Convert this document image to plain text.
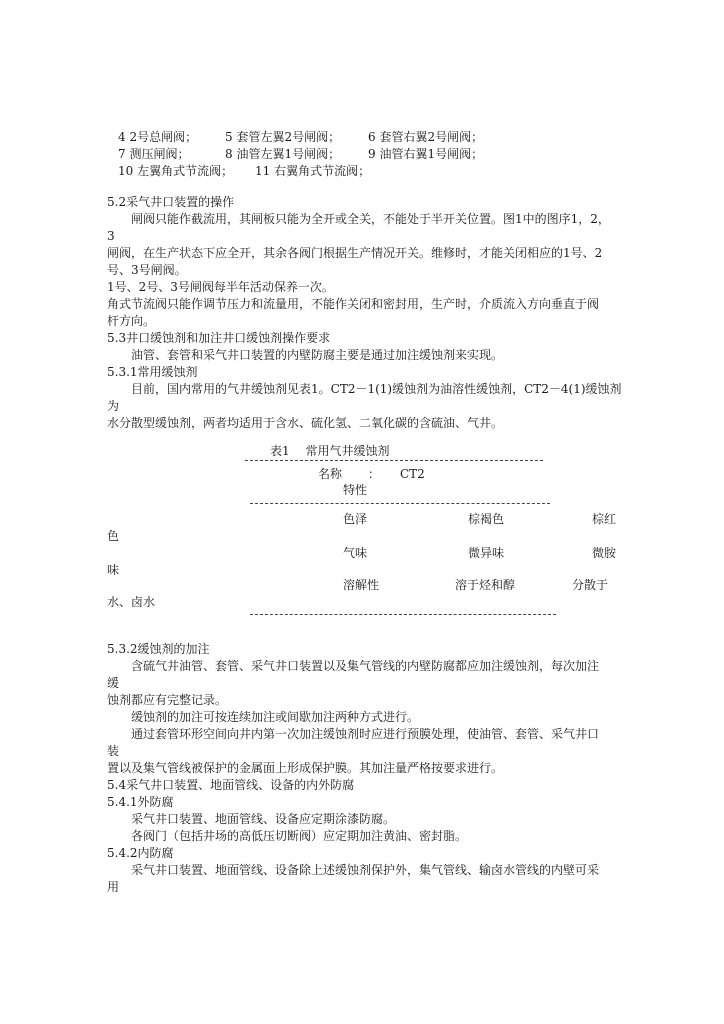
4 2号总闸阀； 5 套管左翼2号闸阀； 6 套管右翼2号闸阀；
7 测压闸阀；	8 油管左翼1号闸阀； 9 油管右翼1号闸阀；
10 左翼角式节流阀； 11 右翼角式节流阀；
5.2采气井口装置的操作
闸阀只能作截流用，其闸板只能为全开或全关，不能处于半开关位置。图1中的图序1，2，
3
闸阀，在生产状态下应全开，其余各阀门根据生产情况开关。维修时，才能关闭相应的1号、2
号、3号闸阀。
1号、2号、3号闸阀每半年活动保养一次。
角式节流阀只能作调节压力和流量用，不能作关闭和密封用，生产时，介质流入方向垂直于阀
杆方向。
5.3井口缓蚀剂和加注井口缓蚀剂操作要求
油管、套管和采气井口装置的内壁防腐主要是通过加注缓蚀剂来实现。
5.3.1常用缓蚀剂
目前，国内常用的气井缓蚀剂见表1。CT2－1(1)缓蚀剂为油溶性缓蚀剂，CT2－4(1)缓蚀剂
为
水分散型缓蚀剂，两者均适用于含水、硫化氢、二氧化碳的含硫油、气井。
表1　 常用气井缓蚀剂
名称 ： CT2
特性
色泽	棕褐色	棕红
色
气味	微异味	微胺
味
溶解性	溶于烃和醇	分散于
水、卤水
5.3.2缓蚀剂的加注
含硫气井油管、套管、采气井口装置以及集气管线的内壁防腐都应加注缓蚀剂，每次加注
缓
蚀剂都应有完整记录。
缓蚀剂的加注可按连续加注或间歇加注两种方式进行。
通过套管环形空间向井内第一次加注缓蚀剂时应进行预膜处理，使油管、套管、采气井口
装
置以及集气管线被保护的金属面上形成保护膜。其加注量严格按要求进行。
5.4采气井口装置、地面管线、设备的内外防腐
5.4.1外防腐
采气井口装置、地面管线、设备应定期涂漆防腐。
各阀门（包括井场的高低压切断阀）应定期加注黄油、密封脂。
5.4.2内防腐
采气井口装置、地面管线、设备除上述缓蚀剂保护外，集气管线、输卤水管线的内壁可采
用
